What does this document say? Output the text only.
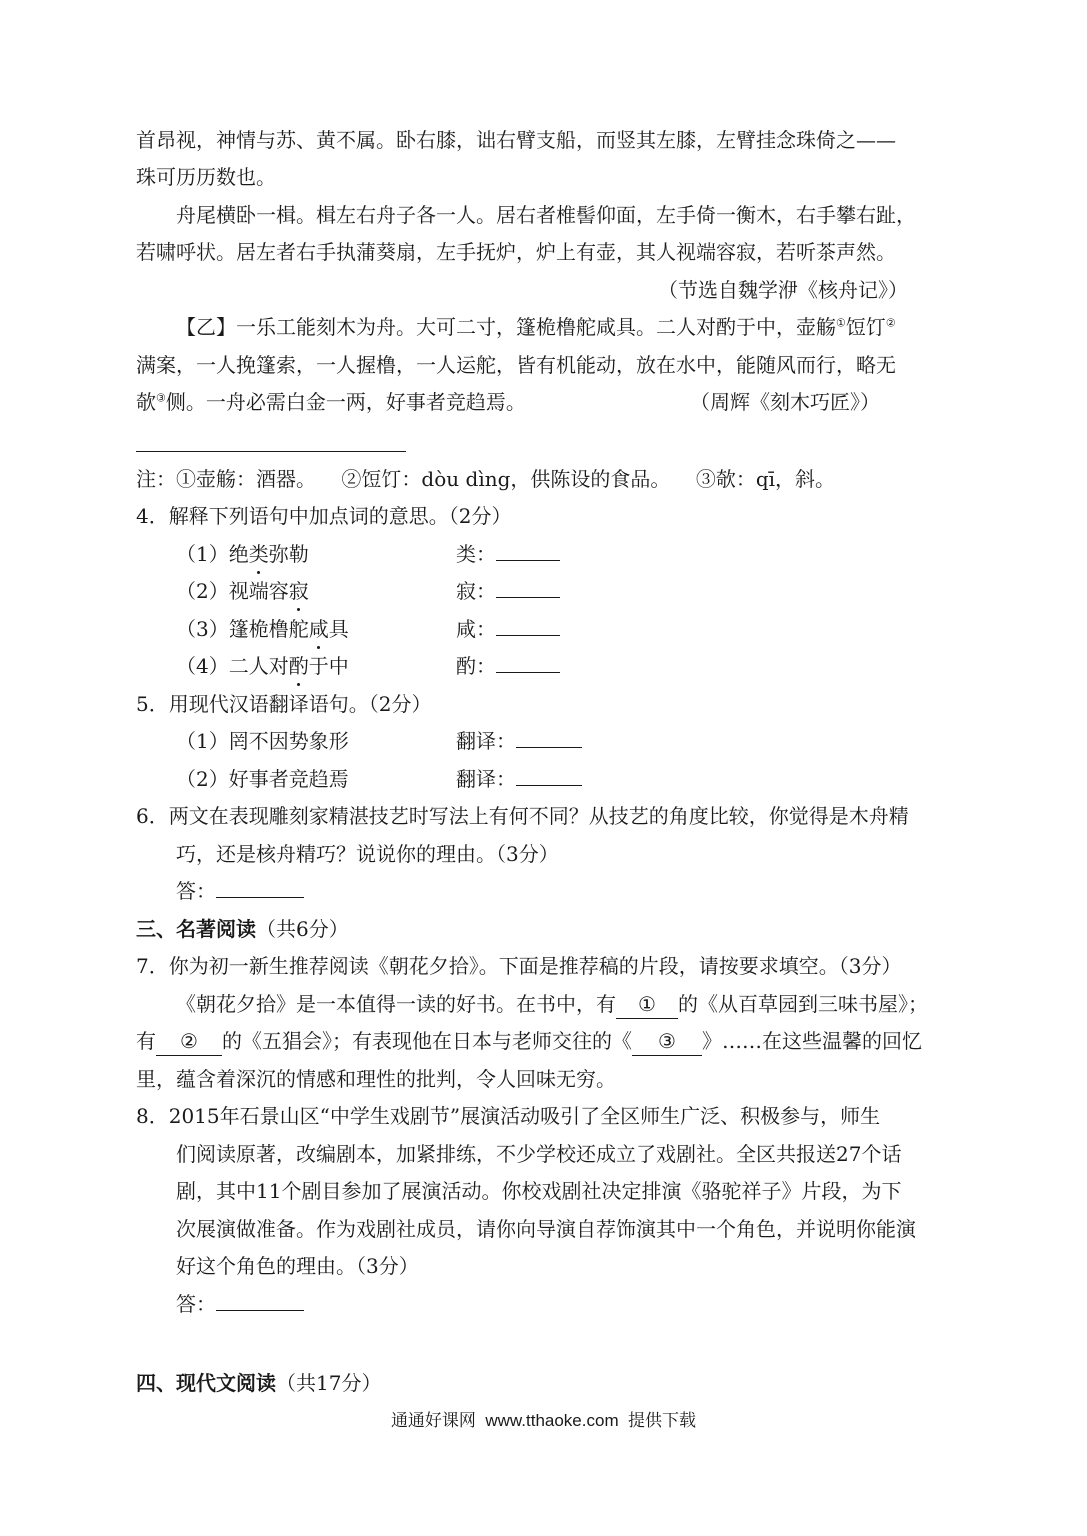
首昂视，神情与苏、黄不属。卧右膝，诎右臂支船，而竖其左膝，左臂挂念珠倚之——
珠可历历数也。
舟尾横卧一楫。楫左右舟子各一人。居右者椎髻仰面，左手倚一衡木，右手攀右趾，
若啸呼状。居左者右手执蒲葵扇，左手抚炉，炉上有壶，其人视端容寂，若听茶声然。
（节选自魏学洢《核舟记》）
【乙】一乐工能刻木为舟。大可二寸，篷桅橹舵咸具。二人对酌于中，壶觞①饾饤②
满案，一人挽篷索，一人握橹，一人运舵，皆有机能动，放在水中，能随风而行，略无
欹③侧。一舟必需白金一两，好事者竞趋焉。	（周辉《刻木巧匠》）
注：①壶觞：酒器。    ②饾饤：dòu dìng，供陈设的食品。    ③欹：qī，斜。
4．解释下列语句中加点词的意思。（2分）
（1）绝类弥勒	类：
（2）视端容寂	寂：
（3）篷桅橹舵咸具	咸：
（4）二人对酌于中	酌：
5．用现代汉语翻译语句。（2分）
（1）罔不因势象形	翻译：
（2）好事者竞趋焉	翻译：
6．两文在表现雕刻家精湛技艺时写法上有何不同？从技艺的角度比较，你觉得是木舟精
巧，还是核舟精巧？说说你的理由。（3分）
答：
三、名著阅读（共6分）
7．你为初一新生推荐阅读《朝花夕拾》。下面是推荐稿的片段，请按要求填空。（3分）
《朝花夕拾》是一本值得一读的好书。在书中，有 ① 的《从百草园到三味书屋》；
有 ② 的《五猖会》；有表现他在日本与老师交往的《 ③ 》……在这些温馨的回忆
里，蕴含着深沉的情感和理性的批判，令人回味无穷。
8．2015年石景山区“中学生戏剧节”展演活动吸引了全区师生广泛、积极参与，师生
们阅读原著，改编剧本，加紧排练，不少学校还成立了戏剧社。全区共报送27个话
剧，其中11个剧目参加了展演活动。你校戏剧社决定排演《骆驼祥子》片段，为下
次展演做准备。作为戏剧社成员，请你向导演自荐饰演其中一个角色，并说明你能演
好这个角色的理由。（3分）
答：
四、现代文阅读（共17分）
通通好课网  www.tthaoke.com  提供下载
